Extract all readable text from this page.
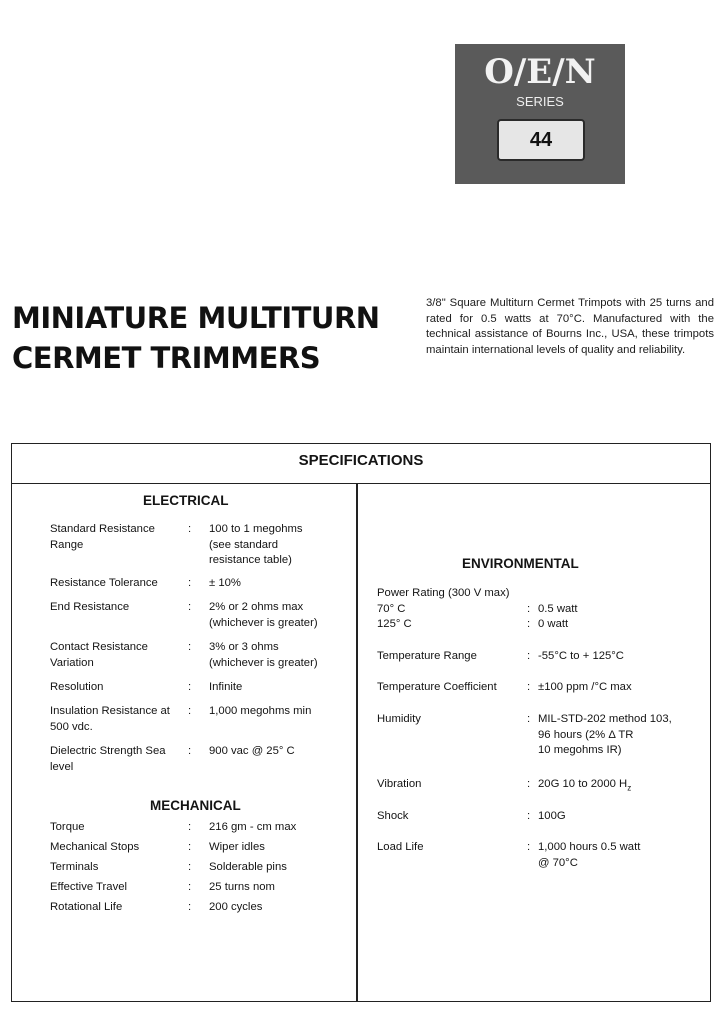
O/E/N
SERIES
44
MINIATURE MULTITURN
CERMET TRIMMERS
3/8" Square Multiturn Cermet Trimpots with 25 turns and rated for 0.5 watts at 70°C. Manufactured with the technical assistance of Bourns Inc., USA, these trimpots maintain international levels of quality and reliability.
SPECIFICATIONS
ELECTRICAL
Standard Resistance Range
: 100 to 1 megohms
(see standard
resistance table)
Resistance Tolerance	: ± 10%
End Resistance	: 2% or 2 ohms max
(whichever is greater)
Contact Resistance Variation
: 3% or 3 ohms
(whichever is greater)
Resolution	: Infinite
Insulation Resistance at 500 vdc.
: 1,000 megohms min
Dielectric Strength Sea level
: 900 vac @ 25° C
MECHANICAL
Torque	: 216 gm - cm max
Mechanical Stops	: Wiper idles
Terminals	: Solderable pins
Effective Travel	: 25 turns nom
Rotational Life	: 200 cycles
ENVIRONMENTAL
Power Rating (300 V max)
70° C	: 0.5 watt
125° C	: 0 watt
Temperature Range	: -55°C to + 125°C
Temperature Coefficient	: ±100 ppm /°C max
Humidity	: MIL-STD-202 method 103,
96 hours (2% Δ TR
10 megohms IR)
Vibration	: 20G 10 to 2000 $H_z$
Shock	: 100G
Load Life	: 1,000 hours 0.5 watt
@ 70°C
